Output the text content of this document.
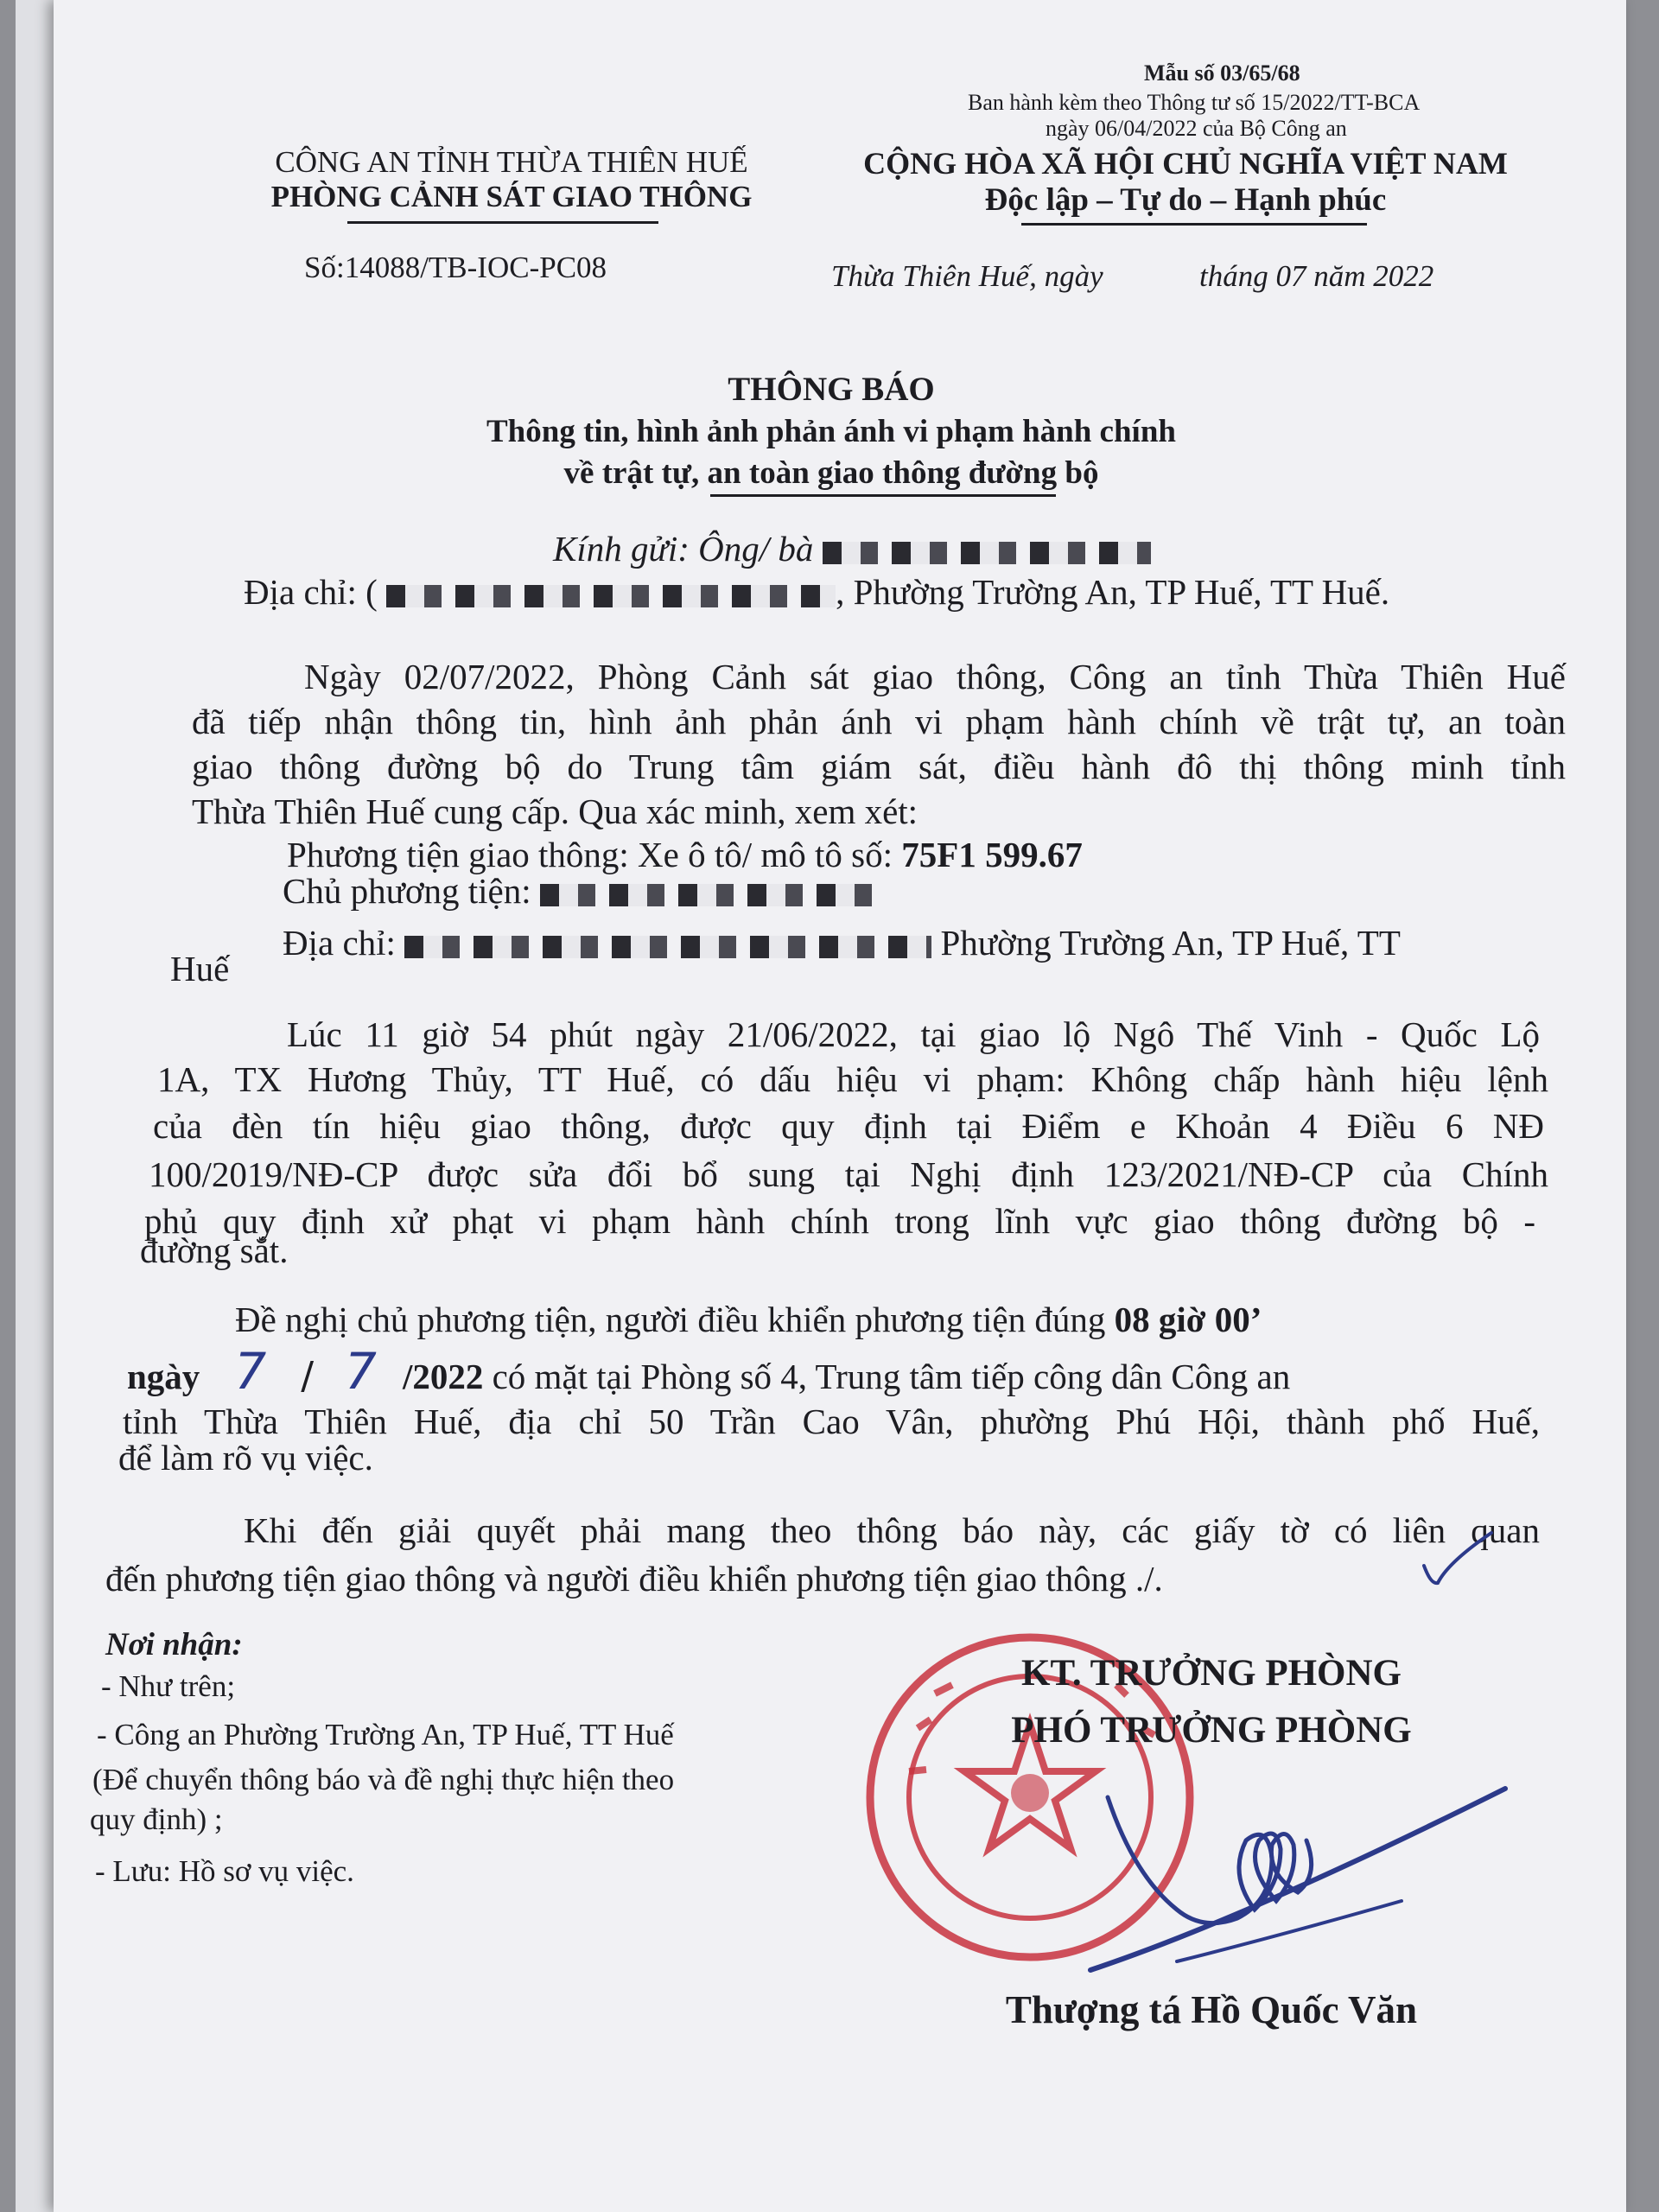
Mẫu số 03/65/68
Ban hành kèm theo Thông tư số 15/2022/TT-BCA
ngày 06/04/2022 của Bộ Công an
CÔNG AN TỈNH THỪA THIÊN HUẾ
PHÒNG CẢNH SÁT GIAO THÔNG
Số:14088/TB-IOC-PC08
CỘNG HÒA XÃ HỘI CHỦ NGHĨA VIỆT NAM
Độc lập – Tự do – Hạnh phúc
Thừa Thiên Huế, ngày	tháng 07 năm 2022
THÔNG BÁO
Thông tin, hình ảnh phản ánh vi phạm hành chính
về trật tự, an toàn giao thông đường bộ
Kính gửi: Ông/ bà
Địa chỉ: (	, Phường Trường An, TP Huế, TT Huế.
Ngày 02/07/2022, Phòng Cảnh sát giao thông, Công an tỉnh Thừa Thiên Huế
đã tiếp nhận thông tin, hình ảnh phản ánh vi phạm hành chính về trật tự, an toàn
giao thông đường bộ do Trung tâm giám sát, điều hành đô thị thông minh tỉnh
Thừa Thiên Huế cung cấp. Qua xác minh, xem xét:
Phương tiện giao thông: Xe ô tô/ mô tô số: 75F1 599.67
Chủ phương tiện:
Địa chỉ:	Phường Trường An, TP Huế, TT
Huế
Lúc 11 giờ 54 phút ngày 21/06/2022, tại giao lộ Ngô Thế Vinh - Quốc Lộ
1A, TX Hương Thủy, TT Huế, có dấu hiệu vi phạm: Không chấp hành hiệu lệnh
của đèn tín hiệu giao thông, được quy định tại Điểm e Khoản 4 Điều 6 NĐ
100/2019/NĐ-CP được sửa đổi bổ sung tại Nghị định 123/2021/NĐ-CP của Chính
phủ quy định xử phạt vi phạm hành chính trong lĩnh vực giao thông đường bộ -
đường sắt.
Đề nghị chủ phương tiện, người điều khiển phương tiện đúng 08 giờ 00’
ngày 7 / 7 /2022 có mặt tại Phòng số 4, Trung tâm tiếp công dân Công an
tỉnh Thừa Thiên Huế, địa chỉ 50 Trần Cao Vân, phường Phú Hội, thành phố Huế,
để làm rõ vụ việc.
Khi đến giải quyết phải mang theo thông báo này, các giấy tờ có liên quan
đến phương tiện giao thông và người điều khiển phương tiện giao thông ./.
Nơi nhận:
- Như trên;
- Công an Phường Trường An, TP Huế, TT Huế
(Để chuyển thông báo và đề nghị thực hiện theo
quy định) ;
- Lưu: Hồ sơ vụ việc.
KT. TRƯỞNG PHÒNG
PHÓ TRƯỞNG PHÒNG
Thượng tá Hồ Quốc Văn
